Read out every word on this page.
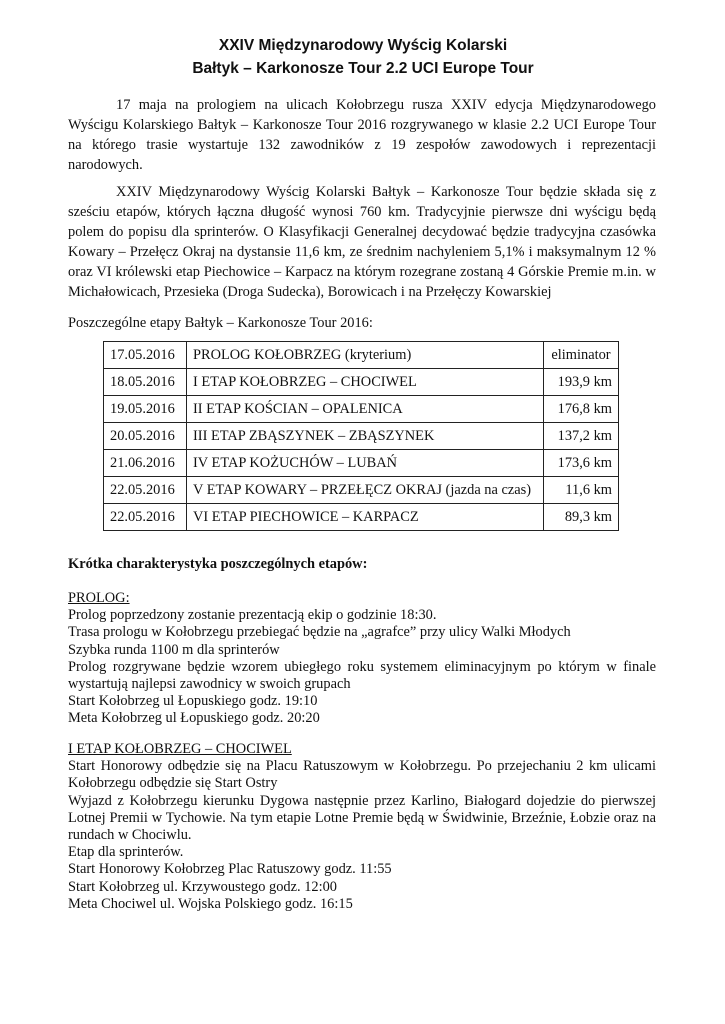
XXIV Międzynarodowy Wyścig Kolarski

Bałtyk – Karkonosze Tour 2.2 UCI Europe Tour

17 maja na prologiem na ulicach Kołobrzegu rusza XXIV edycja Międzynarodowego Wyścigu Kolarskiego Bałtyk – Karkonosze Tour 2016 rozgrywanego w klasie 2.2 UCI Europe Tour na którego trasie wystartuje 132 zawodników z 19 zespołów zawodowych i reprezentacji narodowych.

XXIV Międzynarodowy Wyścig Kolarski Bałtyk – Karkonosze Tour będzie składa się z sześciu etapów, których łączna długość wynosi 760 km. Tradycyjnie pierwsze dni wyścigu będą polem do popisu dla sprinterów. O Klasyfikacji Generalnej decydować będzie tradycyjna czasówka Kowary – Przełęcz Okraj na dystansie 11,6 km, ze średnim nachyleniem 5,1% i maksymalnym 12 % oraz VI królewski etap Piechowice – Karpacz na którym rozegrane zostaną 4 Górskie Premie m.in. w Michałowicach, Przesieka (Droga Sudecka), Borowicach i na Przełęczy Kowarskiej

Poszczególne etapy Bałtyk – Karkonosze Tour 2016:

17.05.2016	PROLOG KOŁOBRZEG (kryterium)	eliminator
18.05.2016	I ETAP KOŁOBRZEG – CHOCIWEL	193,9 km
19.05.2016	II ETAP KOŚCIAN – OPALENICA	176,8 km
20.05.2016	III ETAP ZBĄSZYNEK – ZBĄSZYNEK	137,2 km
21.06.2016	IV ETAP KOŻUCHÓW – LUBAŃ	173,6 km
22.05.2016	V ETAP KOWARY – PRZEŁĘCZ OKRAJ (jazda na czas)	11,6 km
22.05.2016	VI ETAP PIECHOWICE – KARPACZ	89,3 km

Krótka charakterystyka poszczególnych etapów:

PROLOG:

Prolog poprzedzony zostanie prezentacją ekip o godzinie 18:30.

Trasa prologu w Kołobrzegu przebiegać będzie na „agrafce” przy ulicy Walki Młodych

Szybka runda 1100 m dla sprinterów

Prolog rozgrywane będzie wzorem ubiegłego roku systemem eliminacyjnym po którym w finale wystartują najlepsi zawodnicy w swoich grupach

Start Kołobrzeg ul Łopuskiego godz. 19:10

Meta Kołobrzeg ul Łopuskiego godz. 20:20

I ETAP KOŁOBRZEG – CHOCIWEL

Start Honorowy odbędzie się na Placu Ratuszowym w Kołobrzegu. Po przejechaniu 2 km ulicami Kołobrzegu odbędzie się Start Ostry

Wyjazd z Kołobrzegu kierunku Dygowa następnie przez Karlino, Białogard dojedzie do pierwszej Lotnej Premii w Tychowie. Na tym etapie Lotne Premie będą w Świdwinie, Brzeźnie, Łobzie oraz na rundach w Chociwlu.

Etap dla sprinterów.

Start Honorowy Kołobrzeg Plac Ratuszowy godz. 11:55

Start Kołobrzeg ul. Krzywoustego godz. 12:00

Meta Chociwel ul. Wojska Polskiego godz. 16:15
